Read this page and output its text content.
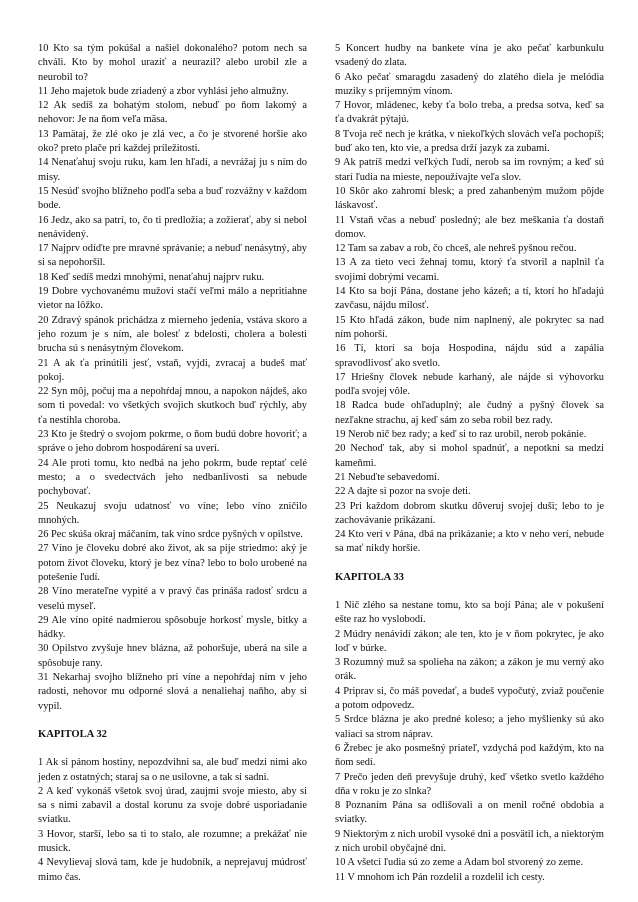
10 Kto sa tým pokúšal a našiel dokonalého? potom nech sa chváli. Kto by mohol uraziť a neurazil? alebo urobil zle a neurobil to?

11 Jeho majetok bude zriadený a zbor vyhlási jeho almužny.

12 Ak sedíš za bohatým stolom, nebuď po ňom lakomý a nehovor: Je na ňom veľa mäsa.

13 Pamätaj, že zlé oko je zlá vec, a čo je stvorené horšie ako oko? preto plače pri každej príležitosti.

14 Nenaťahuj svoju ruku, kam len hľadí, a nevrážaj ju s ním do misy.

15 Nesúď svojho blížneho podľa seba a buď rozvážny v každom bode.

16 Jedz, ako sa patrí, to, čo ti predložia; a zožierať, aby si nebol nenávidený.

17 Najprv odíďte pre mravné správanie; a nebuď nenásytný, aby si sa nepohoršil.

18 Keď sedíš medzi mnohými, nenaťahuj najprv ruku.

19 Dobre vychovanému mužovi stačí veľmi málo a nepritiahne vietor na lôžko.

20 Zdravý spánok prichádza z mierneho jedenia, vstáva skoro a jeho rozum je s ním, ale bolesť z bdelosti, cholera a bolesti brucha sú s nenásytným človekom.

21 A ak ťa prinútili jesť, vstaň, vyjdi, zvracaj a budeš mať pokoj.

22 Syn môj, počuj ma a nepohŕdaj mnou, a napokon nájdeš, ako som ti povedal: vo všetkých svojich skutkoch buď rýchly, aby ťa nestihla choroba.

23 Kto je štedrý o svojom pokrme, o ňom budú dobre hovoriť; a správe o jeho dobrom hospodárení sa uverí.

24 Ale proti tomu, kto nedbá na jeho pokrm, bude reptať celé mesto; a o svedectvách jeho nedbanlivosti sa nebude pochybovať.

25 Neukazuj svoju udatnosť vo víne; lebo víno zničilo mnohých.

26 Pec skúša okraj máčaním, tak víno srdce pyšných v opilstve.

27 Víno je človeku dobré ako život, ak sa pije striedmo: aký je potom život človeku, ktorý je bez vína? lebo to bolo urobené na potešenie ľudí.

28 Víno merateľne vypité a v pravý čas prináša radosť srdcu a veselú myseľ.

29 Ale víno opité nadmierou spôsobuje horkosť mysle, bitky a hádky.

30 Opilstvo zvyšuje hnev blázna, až pohoršuje, uberá na sile a spôsobuje rany.

31 Nekarhaj svojho blížneho pri víne a nepohŕdaj ním v jeho radosti, nehovor mu odporné slová a nenaliehaj naňho, aby si vypil.

KAPITOLA 32

1 Ak si pánom hostiny, nepozdvihni sa, ale buď medzi nimi ako jeden z ostatných; staraj sa o ne usilovne, a tak si sadni.

2 A keď vykonáš všetok svoj úrad, zaujmi svoje miesto, aby si sa s nimi zabavil a dostal korunu za svoje dobré usporiadanie sviatku.

3 Hovor, starší, lebo sa ti to stalo, ale rozumne; a prekážať nie musick.

4 Nevylievaj slová tam, kde je hudobník, a neprejavuj múdrosť mimo čas.

5 Koncert hudby na bankete vína je ako pečať karbunkulu vsadený do zlata.

6 Ako pečať smaragdu zasadený do zlatého diela je melódia muziky s príjemným vínom.

7 Hovor, mládenec, keby ťa bolo treba, a predsa sotva, keď sa ťa dvakrát pýtajú.

8 Tvoja reč nech je krátka, v niekoľkých slovách veľa pochopíš; buď ako ten, kto vie, a predsa drží jazyk za zubami.

9 Ak patríš medzi veľkých ľudí, nerob sa im rovným; a keď sú starí ľudia na mieste, nepoužívajte veľa slov.

10 Skôr ako zahromí blesk; a pred zahanbeným mužom pôjde láskavosť.

11 Vstaň včas a nebuď posledný; ale bez meškania ťa dostaň domov.

12 Tam sa zabav a rob, čo chceš, ale nehreš pyšnou rečou.

13 A za tieto veci žehnaj tomu, ktorý ťa stvoril a naplnil ťa svojimi dobrými vecami.

14 Kto sa bojí Pána, dostane jeho kázeň; a tí, ktorí ho hľadajú zavčasu, nájdu milosť.

15 Kto hľadá zákon, bude ním naplnený, ale pokrytec sa nad ním pohorší.

16 Tí, ktorí sa boja Hospodina, nájdu súd a zapália spravodlivosť ako svetlo.

17 Hriešny človek nebude karhaný, ale nájde si výhovorku podľa svojej vôle.

18 Radca bude ohľaduplný; ale čudný a pyšný človek sa nezľakne strachu, aj keď sám zo seba robil bez rady.

19 Nerob nič bez rady; a keď si to raz urobil, nerob pokánie.

20 Nechoď tak, aby si mohol spadnúť, a nepotkni sa medzi kameňmi.

21 Nebuďte sebavedomí.

22 A dajte si pozor na svoje deti.

23 Pri každom dobrom skutku dôveruj svojej duši; lebo to je zachovávanie prikázaní.

24 Kto verí v Pána, dbá na prikázanie; a kto v neho verí, nebude sa mať nikdy horšie.

KAPITOLA 33

1 Nič zlého sa nestane tomu, kto sa bojí Pána; ale v pokušení ešte raz ho vyslobodí.

2 Múdry nenávidí zákon; ale ten, kto je v ňom pokrytec, je ako loď v búrke.

3 Rozumný muž sa spolieha na zákon; a zákon je mu verný ako orák.

4 Priprav si, čo máš povedať, a budeš vypočutý, zviaž poučenie a potom odpovedz.

5 Srdce blázna je ako predné koleso; a jeho myšlienky sú ako valiaci sa strom náprav.

6 Žrebec je ako posmešný priateľ, vzdychá pod každým, kto na ňom sedí.

7 Prečo jeden deň prevyšuje druhý, keď všetko svetlo každého dňa v roku je zo slnka?

8 Poznaním Pána sa odlišovali a on menil ročné obdobia a sviatky.

9 Niektorým z nich urobil vysoké dni a posvätil ich, a niektorým z nich urobil obyčajné dni.

10 A všetci ľudia sú zo zeme a Adam bol stvorený zo zeme.

11 V mnohom ich Pán rozdelil a rozdelil ich cesty.
